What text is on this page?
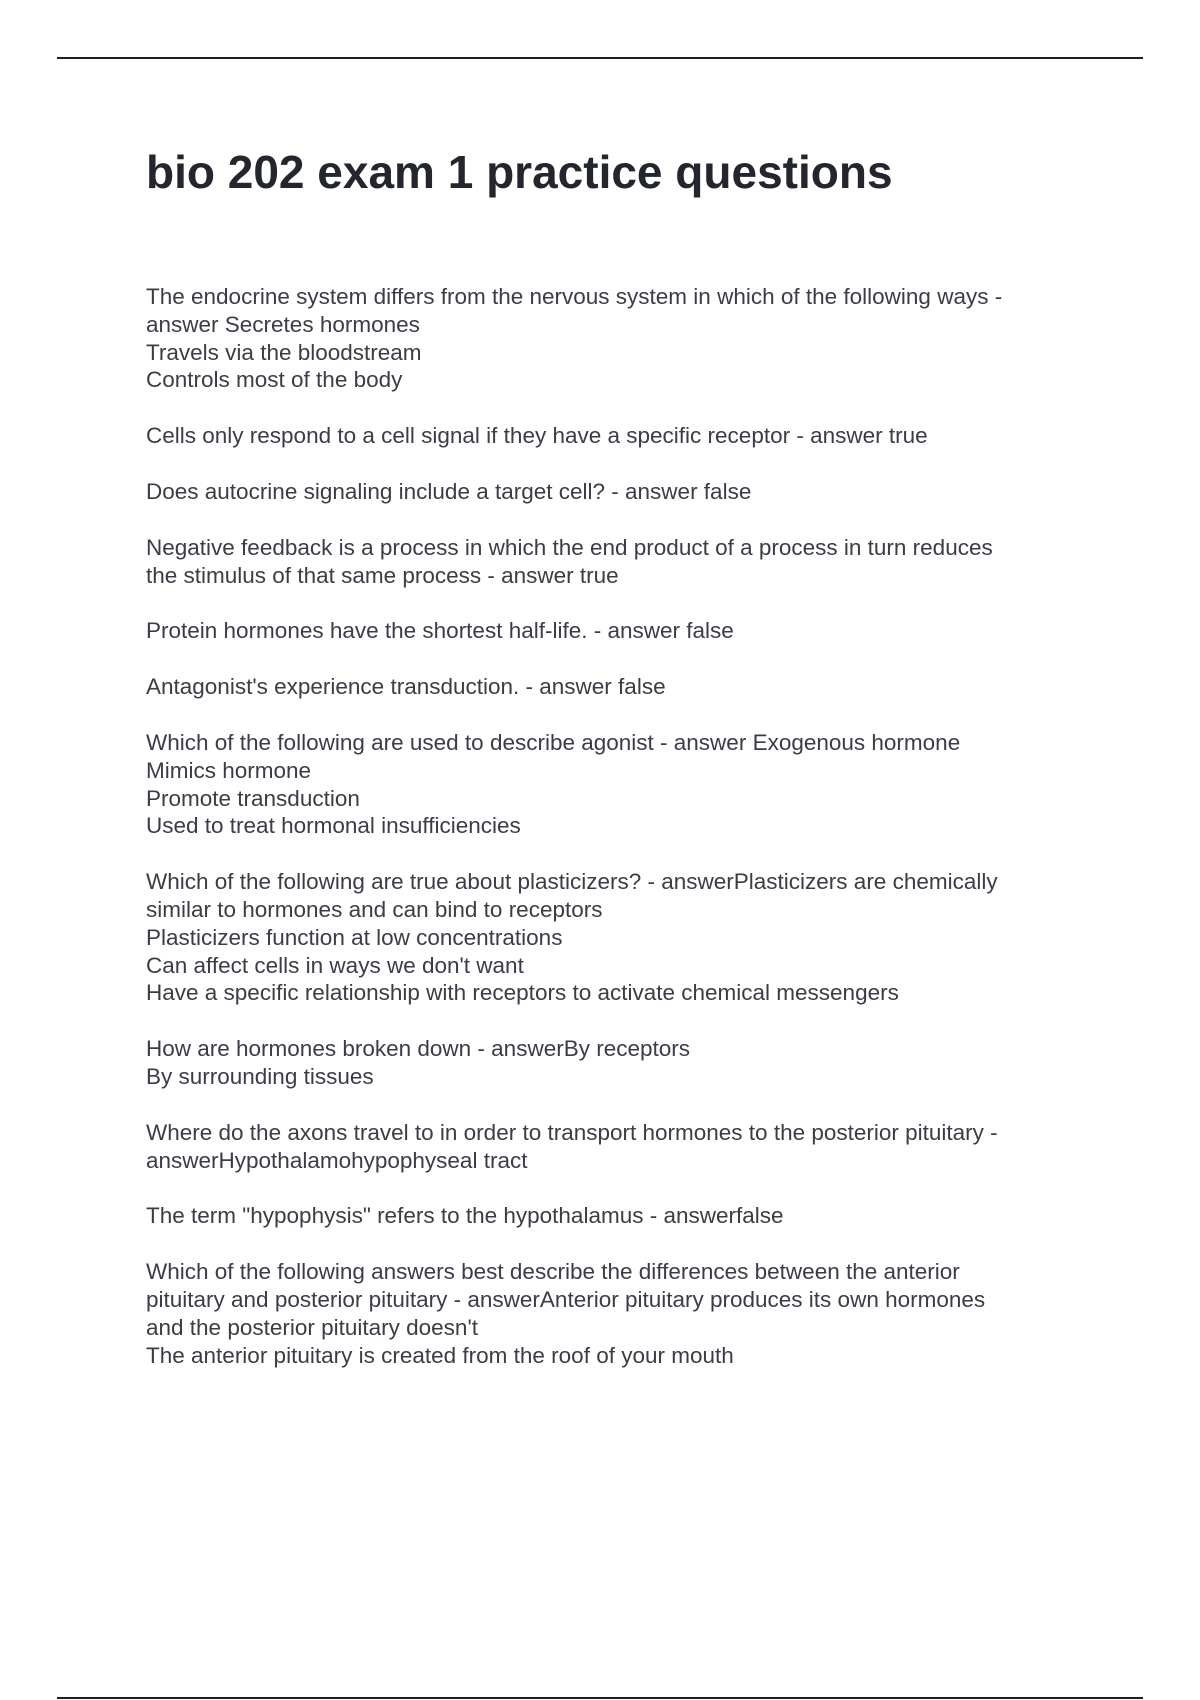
bio 202 exam 1 practice questions

The endocrine system differs from the nervous system in which of the following ways -
answer Secretes hormones
Travels via the bloodstream
Controls most of the body

Cells only respond to a cell signal if they have a specific receptor - answer true

Does autocrine signaling include a target cell? - answer false

Negative feedback is a process in which the end product of a process in turn reduces
the stimulus of that same process - answer true

Protein hormones have the shortest half-life. - answer false

Antagonist's experience transduction. - answer false

Which of the following are used to describe agonist - answer Exogenous hormone
Mimics hormone
Promote transduction
Used to treat hormonal insufficiencies

Which of the following are true about plasticizers? - answerPlasticizers are chemically
similar to hormones and can bind to receptors
Plasticizers function at low concentrations
Can affect cells in ways we don't want
Have a specific relationship with receptors to activate chemical messengers

How are hormones broken down - answerBy receptors
By surrounding tissues

Where do the axons travel to in order to transport hormones to the posterior pituitary -
answerHypothalamohypophyseal tract

The term "hypophysis" refers to the hypothalamus - answerfalse

Which of the following answers best describe the differences between the anterior
pituitary and posterior pituitary - answerAnterior pituitary produces its own hormones
and the posterior pituitary doesn't
The anterior pituitary is created from the roof of your mouth
